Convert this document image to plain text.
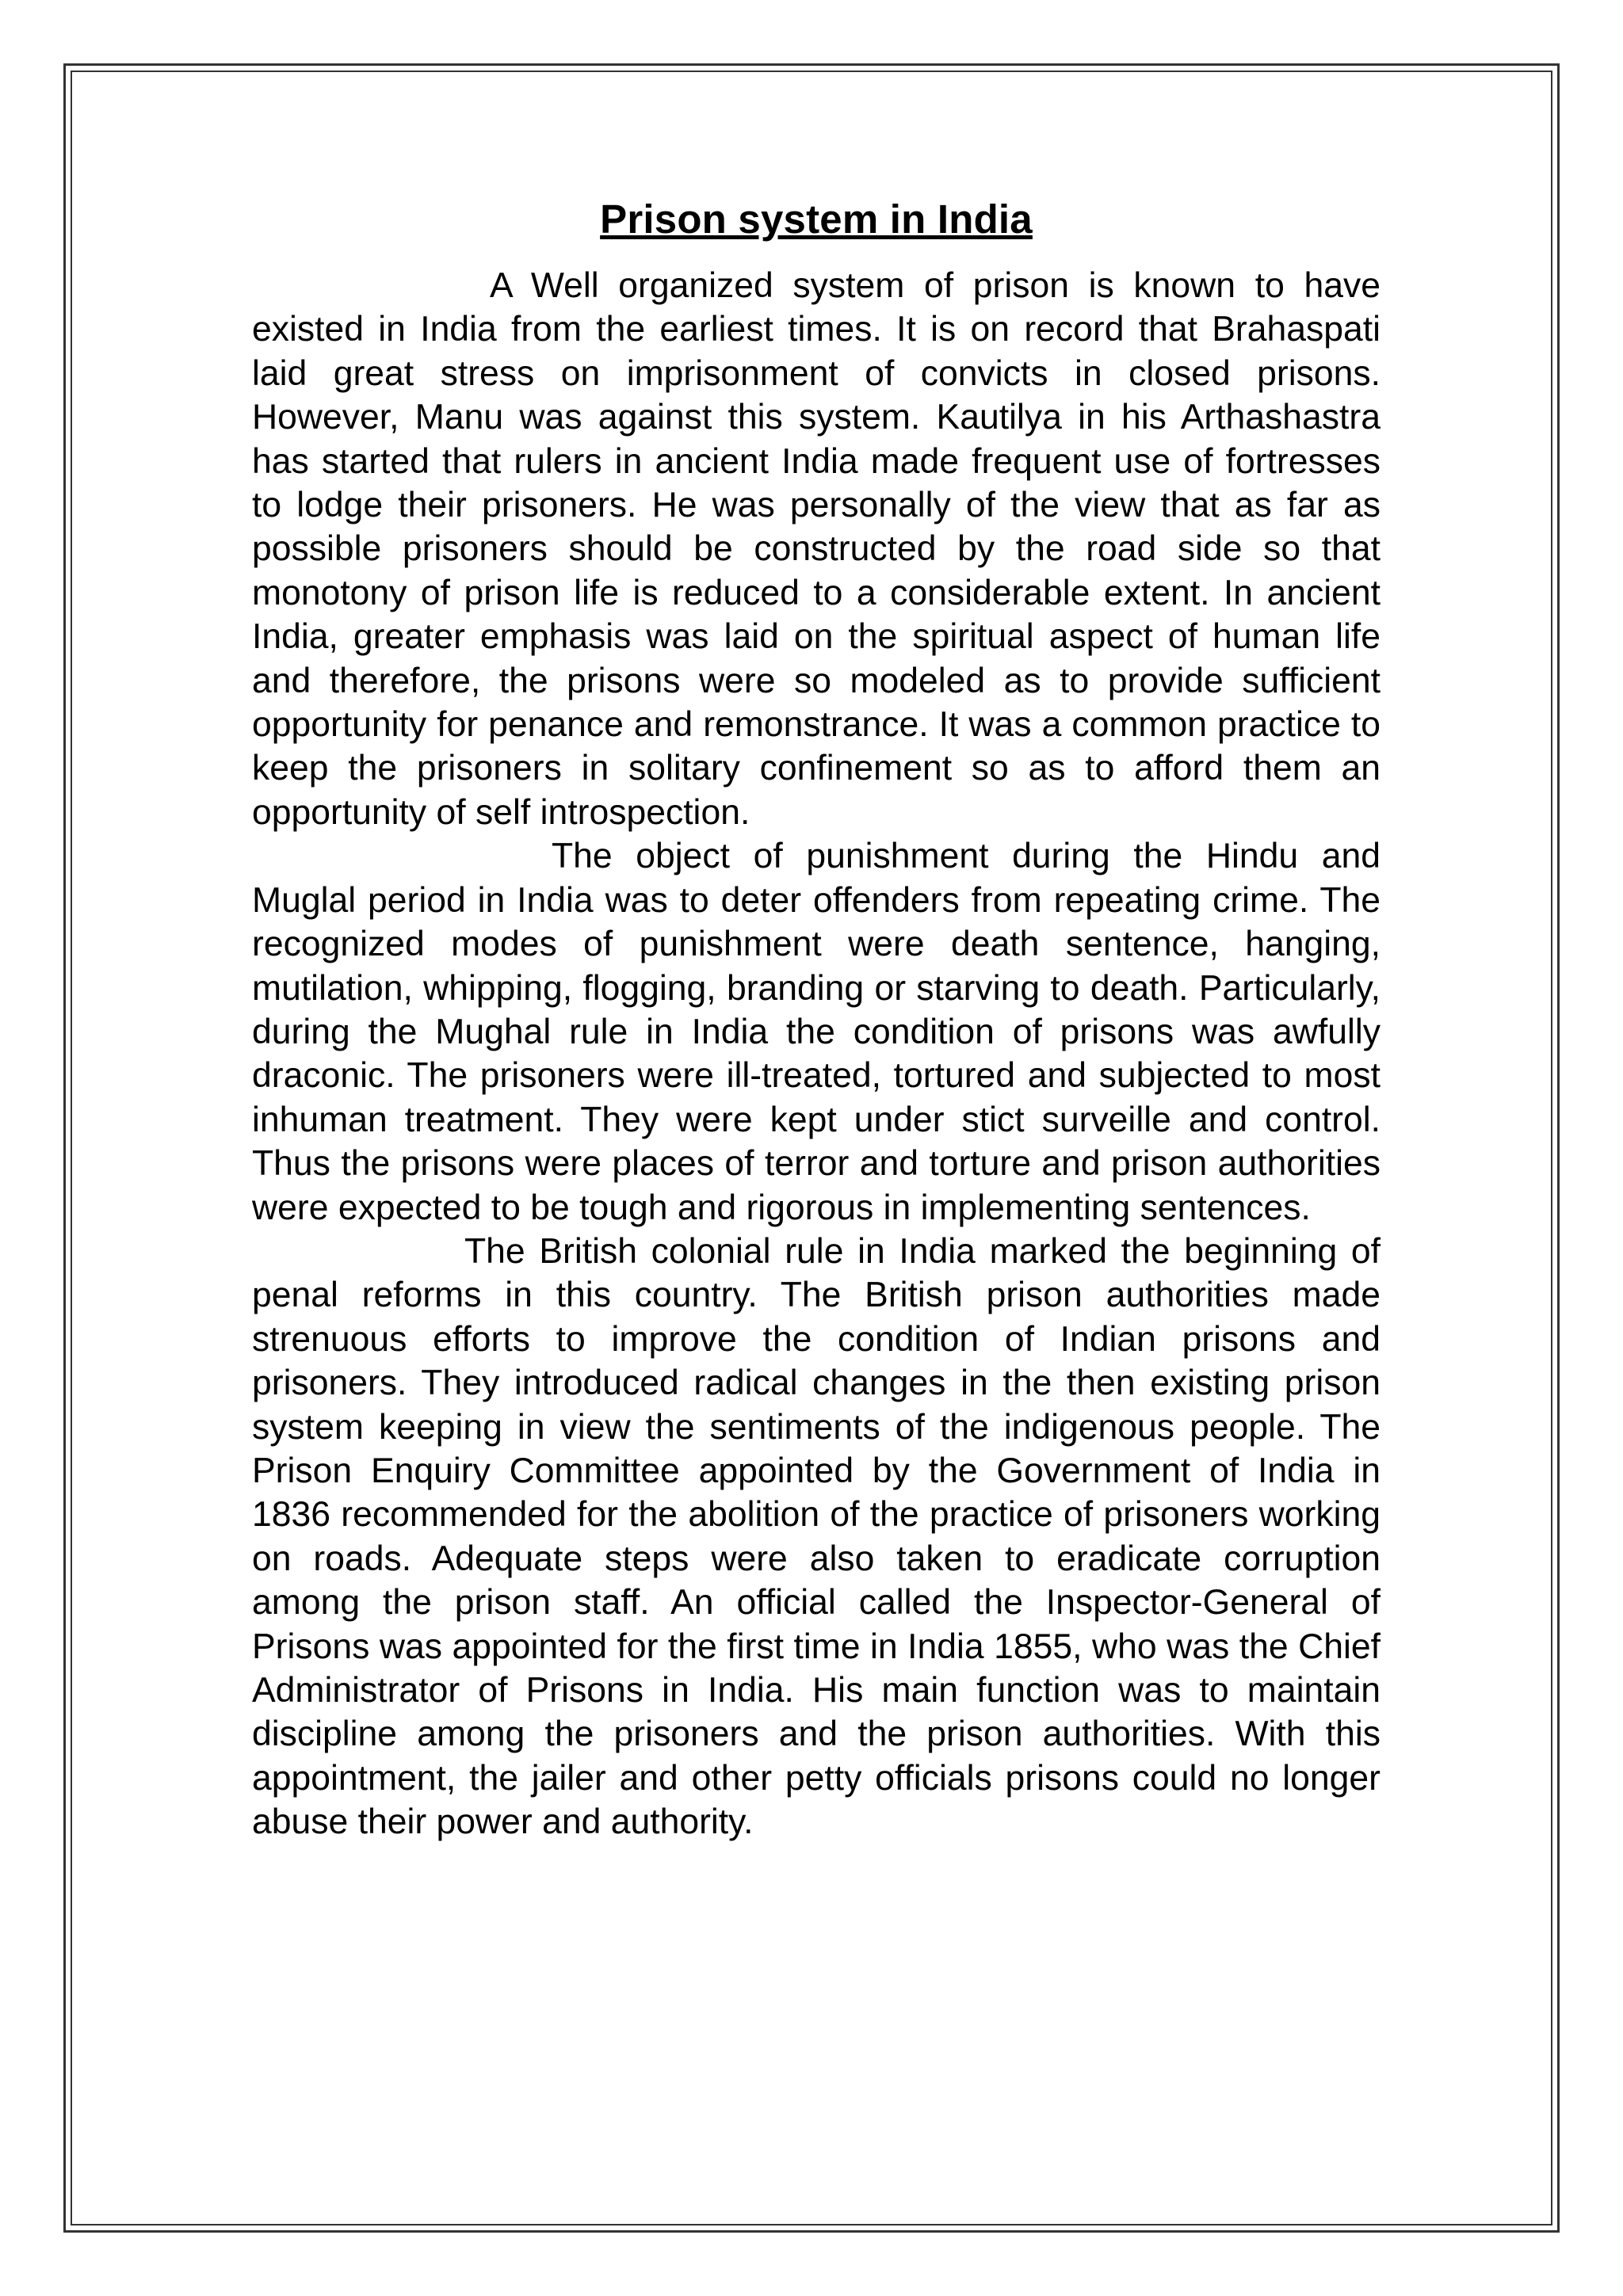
Prison system in India

A Well organized system of prison is known to have existed in India from the earliest times. It is on record that Brahaspati laid great stress on imprisonment of convicts in closed prisons. However, Manu was against this system. Kautilya in his Arthashastra has started that rulers in ancient India made frequent use of fortresses to lodge their prisoners. He was personally of the view that as far as possible prisoners should be constructed by the road side so that monotony of prison life is reduced to a considerable extent. In ancient India, greater emphasis was laid on the spiritual aspect of human life and therefore, the prisons were so modeled as to provide sufficient opportunity for penance and remonstrance. It was a common practice to keep the prisoners in solitary confinement so as to afford them an opportunity of self introspection.

The object of punishment during the Hindu and Muglal period in India was to deter offenders from repeating crime. The recognized modes of punishment were death sentence, hanging, mutilation, whipping, flogging, branding or starving to death. Particularly, during the Mughal rule in India the condition of prisons was awfully draconic. The prisoners were ill-treated, tortured and subjected to most inhuman treatment. They were kept under stict surveille and control. Thus the prisons were places of terror and torture and prison authorities were expected to be tough and rigorous in implementing sentences.

The British colonial rule in India marked the beginning of penal reforms in this country. The British prison authorities made strenuous efforts to improve the condition of Indian prisons and prisoners. They introduced radical changes in the then existing prison system keeping in view the sentiments of the indigenous people. The Prison Enquiry Committee appointed by the Government of India in 1836 recommended for the abolition of the practice of prisoners working on roads. Adequate steps were also taken to eradicate corruption among the prison staff. An official called the Inspector-General of Prisons was appointed for the first time in India 1855, who was the Chief Administrator of Prisons in India. His main function was to maintain discipline among the prisoners and the prison authorities. With this appointment, the jailer and other petty officials prisons could no longer abuse their power and authority.
